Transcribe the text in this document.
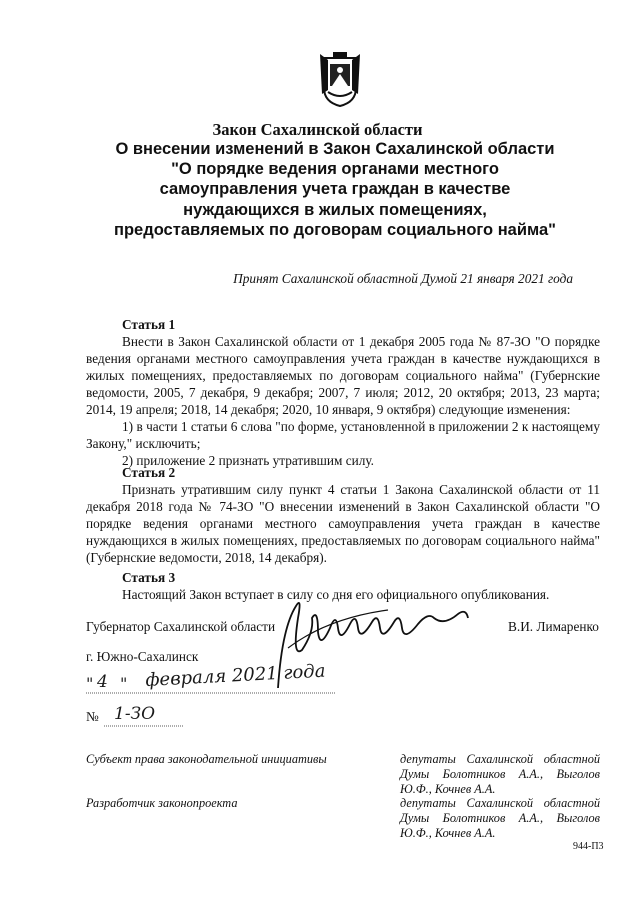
Закон Сахалинской области
О внесении изменений в Закон Сахалинской области "О порядке ведения органами местного самоуправления учета граждан в качестве нуждающихся в жилых помещениях, предоставляемых по договорам социального найма"
Принят Сахалинской областной Думой 21 января 2021 года
Статья 1

Внести в Закон Сахалинской области от 1 декабря 2005 года № 87-ЗО "О порядке ведения органами местного самоуправления учета граждан в качестве нуждающихся в жилых помещениях, предоставляемых по договорам социального найма" (Губернские ведомости, 2005, 7 декабря, 9 декабря; 2007, 7 июля; 2012, 20 октября; 2013, 23 марта; 2014, 19 апреля; 2018, 14 декабря; 2020, 10 января, 9 октября) следующие изменения:

1) в части 1 статьи 6 слова "по форме, установленной в приложении 2 к настоящему Закону," исключить;

2) приложение 2 признать утратившим силу.

Статья 2

Признать утратившим силу пункт 4 статьи 1 Закона Сахалинской области от 11 декабря 2018 года № 74-ЗО "О внесении изменений в Закон Сахалинской области "О порядке ведения органами местного самоуправления учета граждан в качестве нуждающихся в жилых помещениях, предоставляемых по договорам социального найма" (Губернские ведомости, 2018, 14 декабря).

Статья 3

Настоящий Закон вступает в силу со дня его официального опубликования.

Губернатор Сахалинской области	В.И. Лимаренко
г. Южно-Сахалинск
" 4 " февраля 2021 года
№ 1-ЗО
Субъект права законодательной инициативы	депутаты Сахалинской областной Думы Болотников А.А., Выголов Ю.Ф., Кочнев А.А.
Разработчик законопроекта	депутаты Сахалинской областной Думы Болотников А.А., Выголов Ю.Ф., Кочнев А.А.
944-П3
